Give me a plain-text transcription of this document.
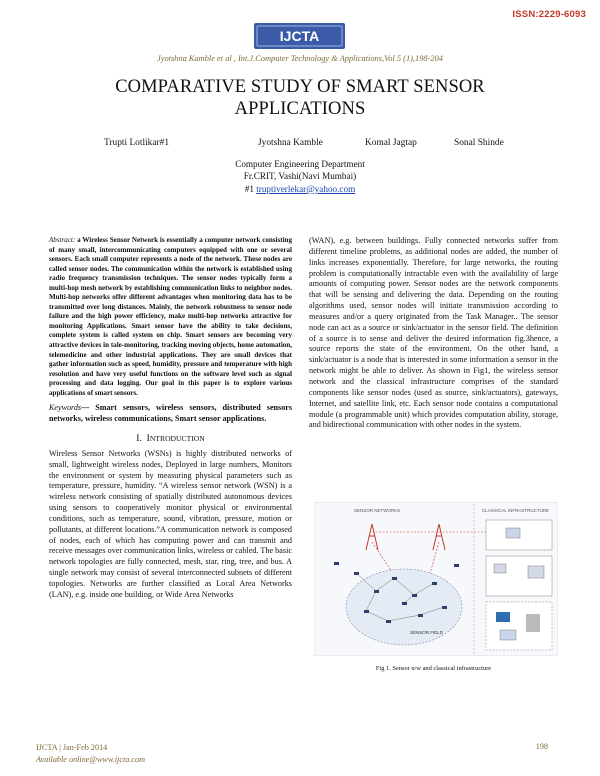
ISSN:2229-6093
IJCTA
Jyotshna Kamble et al , Int.J.Computer Technology & Applications,Vol 5 (1),198-204
COMPARATIVE STUDY OF SMART SENSOR
APPLICATIONS
Trupti Lotlikar#1	Jyotshna Kamble	Komal Jagtap	Sonal Shinde
Computer Engineering Department
Fr.CRIT, Vashi(Navi Mumbai)
#1 truptiverlekar@yahoo.com

Abstract: a Wireless Sensor Network is essentially a computer network consisting of many small, intercommunicating computers equipped with one or several sensors. Each small computer represents a node of the network. These nodes are called sensor nodes. The communication within the network is established using radio frequency transmission techniques. The sensor nodes typically form a multi-hop mesh network by establishing communication links to neighbor nodes. Multi-hop networks offer different advantages when monitoring data has to be transmitted over long distances. Mainly, the network robustness to sensor node failure and the high power efficiency, make multi-hop networks attractive for monitoring Applications. Smart sensor have the ability to take decisions, complete system is called system on chip. Smart sensors are becoming very attractive devices in tale-monitoring, tracking moving objects, home automation, telemedicine and other industrial applications. They are small devices that gather information such as speed, humidity, pressure and temperature with high resolution and have very useful functions on the software level such as signal processing and data logging. Our goal in this paper is to explore various applications of smart sensors.

Keywords— Smart sensors, wireless sensors, distributed sensors networks, wireless communications, Smart sensor applications.

I. INTRODUCTION

Wireless Sensor Networks (WSNs) is highly distributed networks of small, lightweight wireless nodes, Deployed in large numbers, Monitors the environment or system by measuring physical parameters such as temperature, pressure, humidity. “A wireless sensor network (WSN) is a wireless network consisting of spatially distributed autonomous devices using sensors to cooperatively monitor physical or environmental conditions, such as temperature, sound, vibration, pressure, motion or pollutants, at different locations.”A communication network is composed of nodes, each of which has computing power and can transmit and receive messages over communication links, wireless or cabled. The basic network topologies are fully connected, mesh, star, ring, tree, and bus. A single network may consist of several interconnected subnets of different topologies. Networks are further classified as Local Area Networks (LAN), e.g. inside one building, or Wide Area Networks

(WAN), e.g. between buildings. Fully connected networks suffer from different timeline problems, as additional nodes are added, the number of links increases exponentially. Therefore, for large networks, the routing problem is computationally intractable even with the availability of large amounts of computing power. Sensor nodes are the network components that will be sensing and delivering the data. Depending on the routing algorithms used, sensor nodes will initiate transmission according to measures and/or a query originated from the Task Manager.. The sensor node can act as a source or sink/actuator in the sensor field. The definition of a source is to sense and deliver the desired information fig.3hence, a source reports the state of the environment. On the other hand, a sink/actuator is a node that is interested in some information a sensor in the network might be able to deliver. As shown in Fig1, the wireless sensor network and the classical infrastructure comprises of the standard components like sensor nodes (used as source, sink/actuators), gateways, Internet, and satellite link, etc. Each sensor node contains a computational module (a programmable unit) which provides computation ability, storage, and bidirectional communication with other nodes in the system.

SENSOR NETWORKS	CLASSICAL INFRASTRUCTURE
SENSOR FIELD
Fig 1. Sensor n/w and classical infrastructure
IJCTA | Jan-Feb 2014
Available online@www.ijcta.com
198
